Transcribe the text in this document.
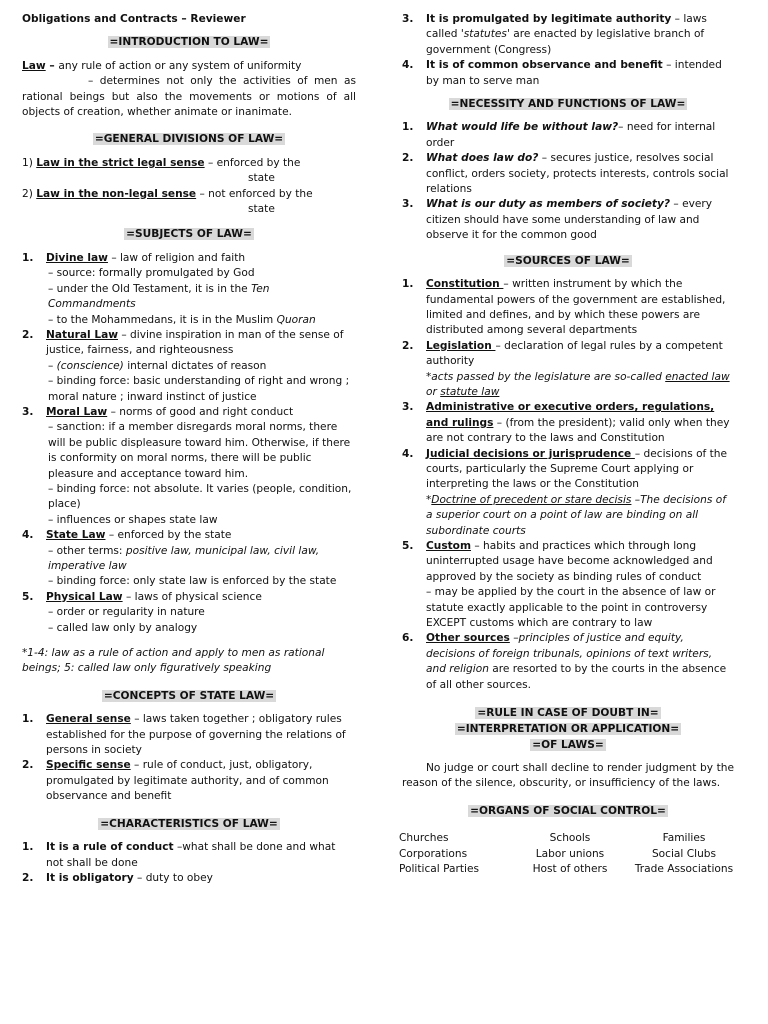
Obligations and Contracts – Reviewer

=INTRODUCTION TO LAW=

Law – any rule of action or any system of uniformity

– determines not only the activities of men as rational beings but also the movements or motions of all objects of creation, whether animate or inanimate.

=GENERAL DIVISIONS OF LAW=

1) Law in the strict legal sense – enforced by the

state

2) Law in the non-legal sense – not enforced by the

state

=SUBJECTS OF LAW=

1. Divine law – law of religion and faith

– source: formally promulgated by God

– under the Old Testament, it is in the Ten Commandments

– to the Mohammedans, it is in the Muslim Quoran

2. Natural Law – divine inspiration in man of the sense of justice, fairness, and righteousness

– (conscience) internal dictates of reason

– binding force: basic understanding of right and wrong ; moral nature ; inward instinct of justice

3. Moral Law – norms of good and right conduct

– sanction: if a member disregards moral norms, there will be public displeasure toward him. Otherwise, if there is conformity on moral norms, there will be public pleasure and acceptance toward him.

– binding force: not absolute. It varies (people, condition, place)

– influences or shapes state law

4. State Law – enforced by the state

– other terms: positive law, municipal law, civil law, imperative law

– binding force: only state law is enforced by the state

5. Physical Law – laws of physical science

– order or regularity in nature

– called law only by analogy

*1-4: law as a rule of action and apply to men as rational beings; 5: called law only figuratively speaking

=CONCEPTS OF STATE LAW=

1. General sense – laws taken together ; obligatory rules established for the purpose of governing the relations of persons in society

2. Specific sense – rule of conduct, just, obligatory, promulgated by legitimate authority, and of common observance and benefit

=CHARACTERISTICS OF LAW=

1. It is a rule of conduct –what shall be done and what not shall be done

2. It is obligatory – duty to obey

3. It is promulgated by legitimate authority – laws called 'statutes' are enacted by legislative branch of government (Congress)

4. It is of common observance and benefit – intended by man to serve man

=NECESSITY AND FUNCTIONS OF LAW=

1. What would life be without law?– need for internal order

2. What does law do? – secures justice, resolves social conflict, orders society, protects interests, controls social relations

3. What is our duty as members of society? – every citizen should have some understanding of law and observe it for the common good

=SOURCES OF LAW=

1. Constitution – written instrument by which the fundamental powers of the government are established, limited and defines, and by which these powers are distributed among several departments

2. Legislation – declaration of legal rules by a competent authority

*acts passed by the legislature are so-called enacted law or statute law

3. Administrative or executive orders, regulations, and rulings – (from the president); valid only when they are not contrary to the laws and Constitution

4. Judicial decisions or jurisprudence – decisions of the courts, particularly the Supreme Court applying or interpreting the laws or the Constitution

*Doctrine of precedent or stare decisis –The decisions of a superior court on a point of law are binding on all subordinate courts

5. Custom – habits and practices which through long uninterrupted usage have become acknowledged and approved by the society as binding rules of conduct

– may be applied by the court in the absence of law or statute exactly applicable to the point in controversy EXCEPT customs which are contrary to law

6. Other sources –principles of justice and equity, decisions of foreign tribunals, opinions of text writers, and religion are resorted to by the courts in the absence of all other sources.

=RULE IN CASE OF DOUBT IN=
=INTERPRETATION OR APPLICATION=
=OF LAWS=

No judge or court shall decline to render judgment by the reason of the silence, obscurity, or insufficiency of the laws.

=ORGANS OF SOCIAL CONTROL=

Churches	Schools	Families
Corporations	Labor unions	Social Clubs
Political Parties	Host of others	Trade Associations
